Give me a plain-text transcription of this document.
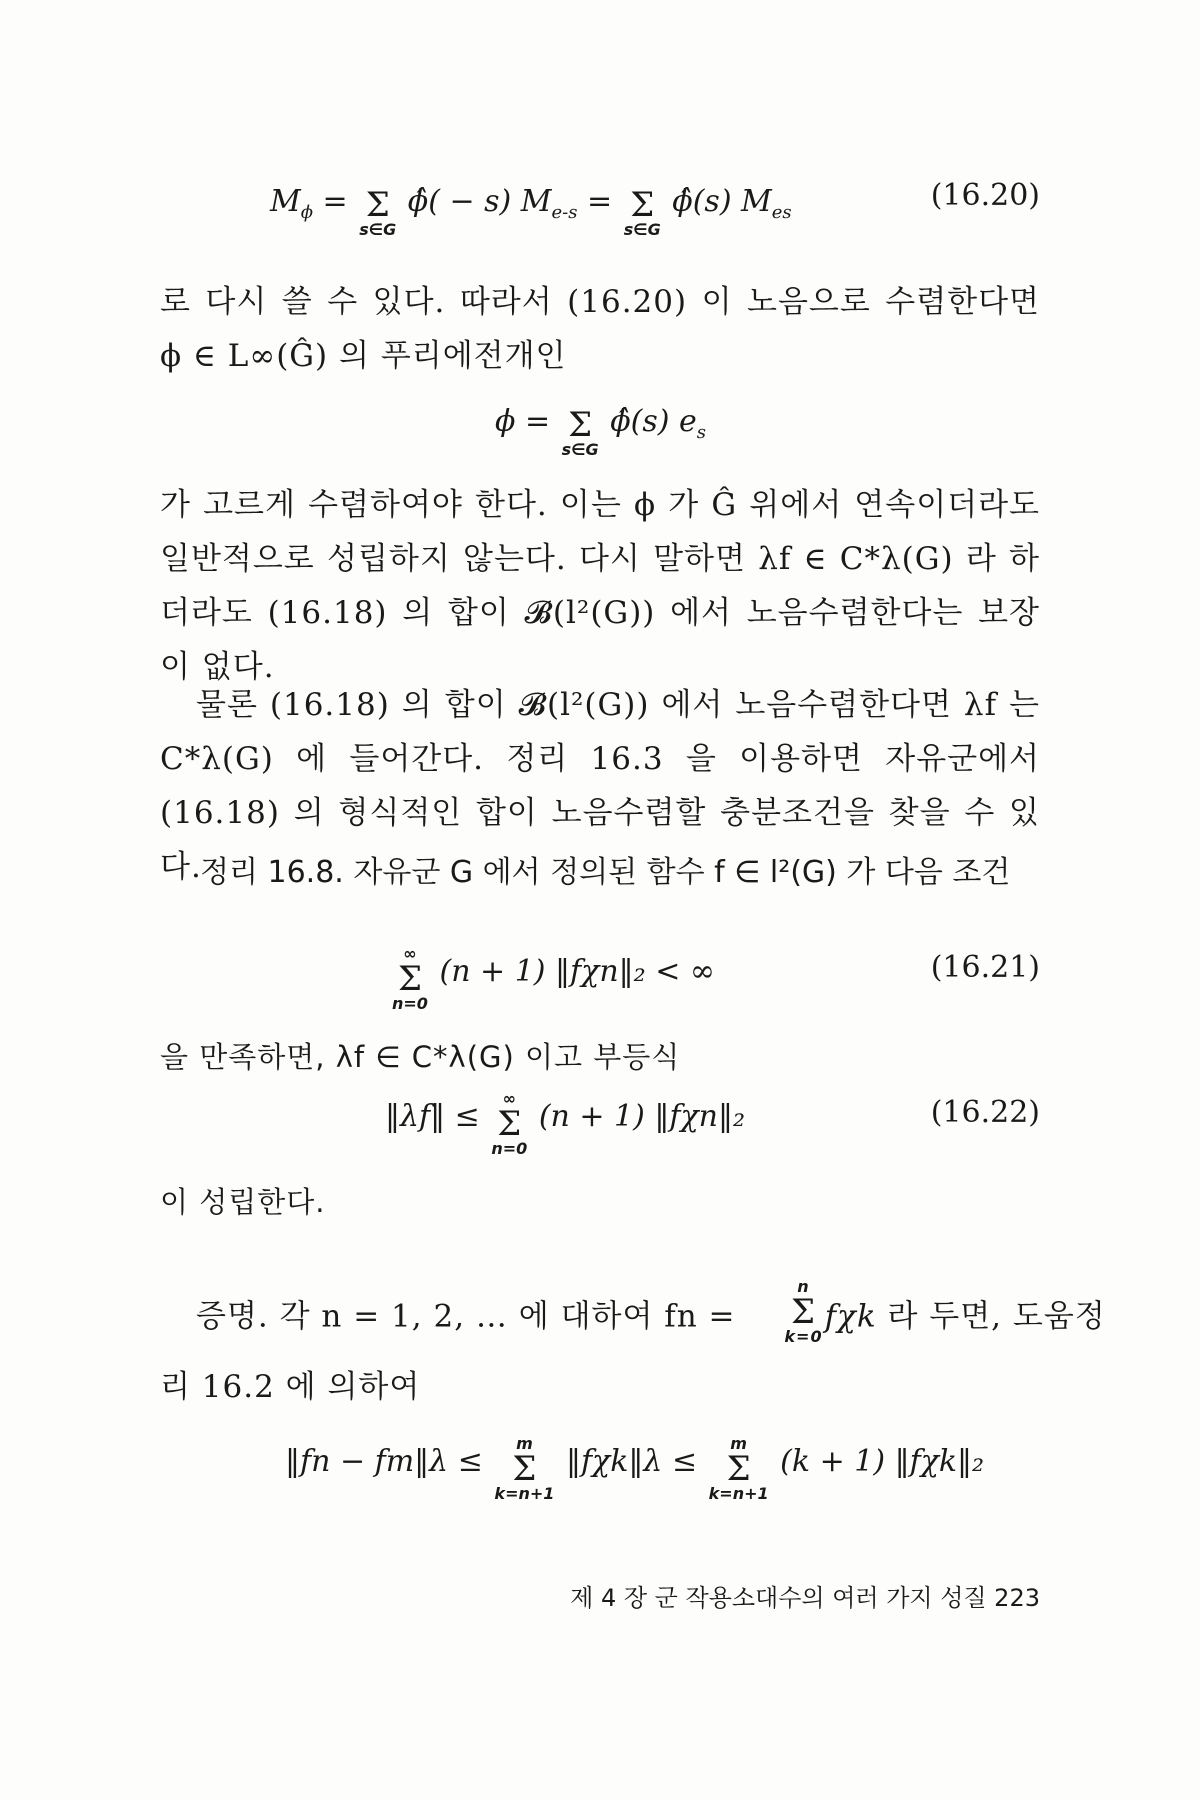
$M_\phi = \Sigma$
s∈G
ϕ̂( − s) $M_{e-s} = \Sigma$
s∈G
ϕ̂(s) $M_{es}$	(16.20)
로 다시 쓸 수 있다. 따라서 (16.20) 이 노음으로 수렴한다면 ϕ ∈ L∞(Ĝ) 의 푸리에전개인
ϕ = Σ
s∈G
ϕ̂(s) $e_s$
가 고르게 수렴하여야 한다. 이는 ϕ 가 Ĝ 위에서 연속이더라도 일반적으로 성립하지 않는다. 다시 말하면 λf ∈ C*λ(G) 라 하더라도 (16.18) 의 합이 𝓑(l²(G)) 에서 노음수렴한다는 보장이 없다.
물론 (16.18) 의 합이 𝓑(l²(G)) 에서 노음수렴한다면 λf 는 C*λ(G) 에 들어간다. 정리 16.3 을 이용하면 자유군에서 (16.18) 의 형식적인 합이 노음수렴할 충분조건을 찾을 수 있다.
정리 16.8. 자유군 G 에서 정의된 함수 f ∈ l²(G) 가 다음 조건
∞
Σ
n=0
(n + 1) ‖fχn‖₂ < ∞	(16.21)
을 만족하면, λf ∈ C*λ(G) 이고 부등식
‖λf‖ ≤
∞
Σ
n=0
(n + 1) ‖fχn‖₂	(16.22)
이 성립한다.
증명. 각 n = 1, 2, … 에 대하여 fn =
n
Σ
k=0
fχk 라 두면, 도움정
리 16.2 에 의하여
‖fn − fm‖λ ≤
m
Σ
k=n+1
‖fχk‖λ ≤
m
Σ
k=n+1
(k + 1) ‖fχk‖₂
제 4 장 군 작용소대수의 여러 가지 성질 223
